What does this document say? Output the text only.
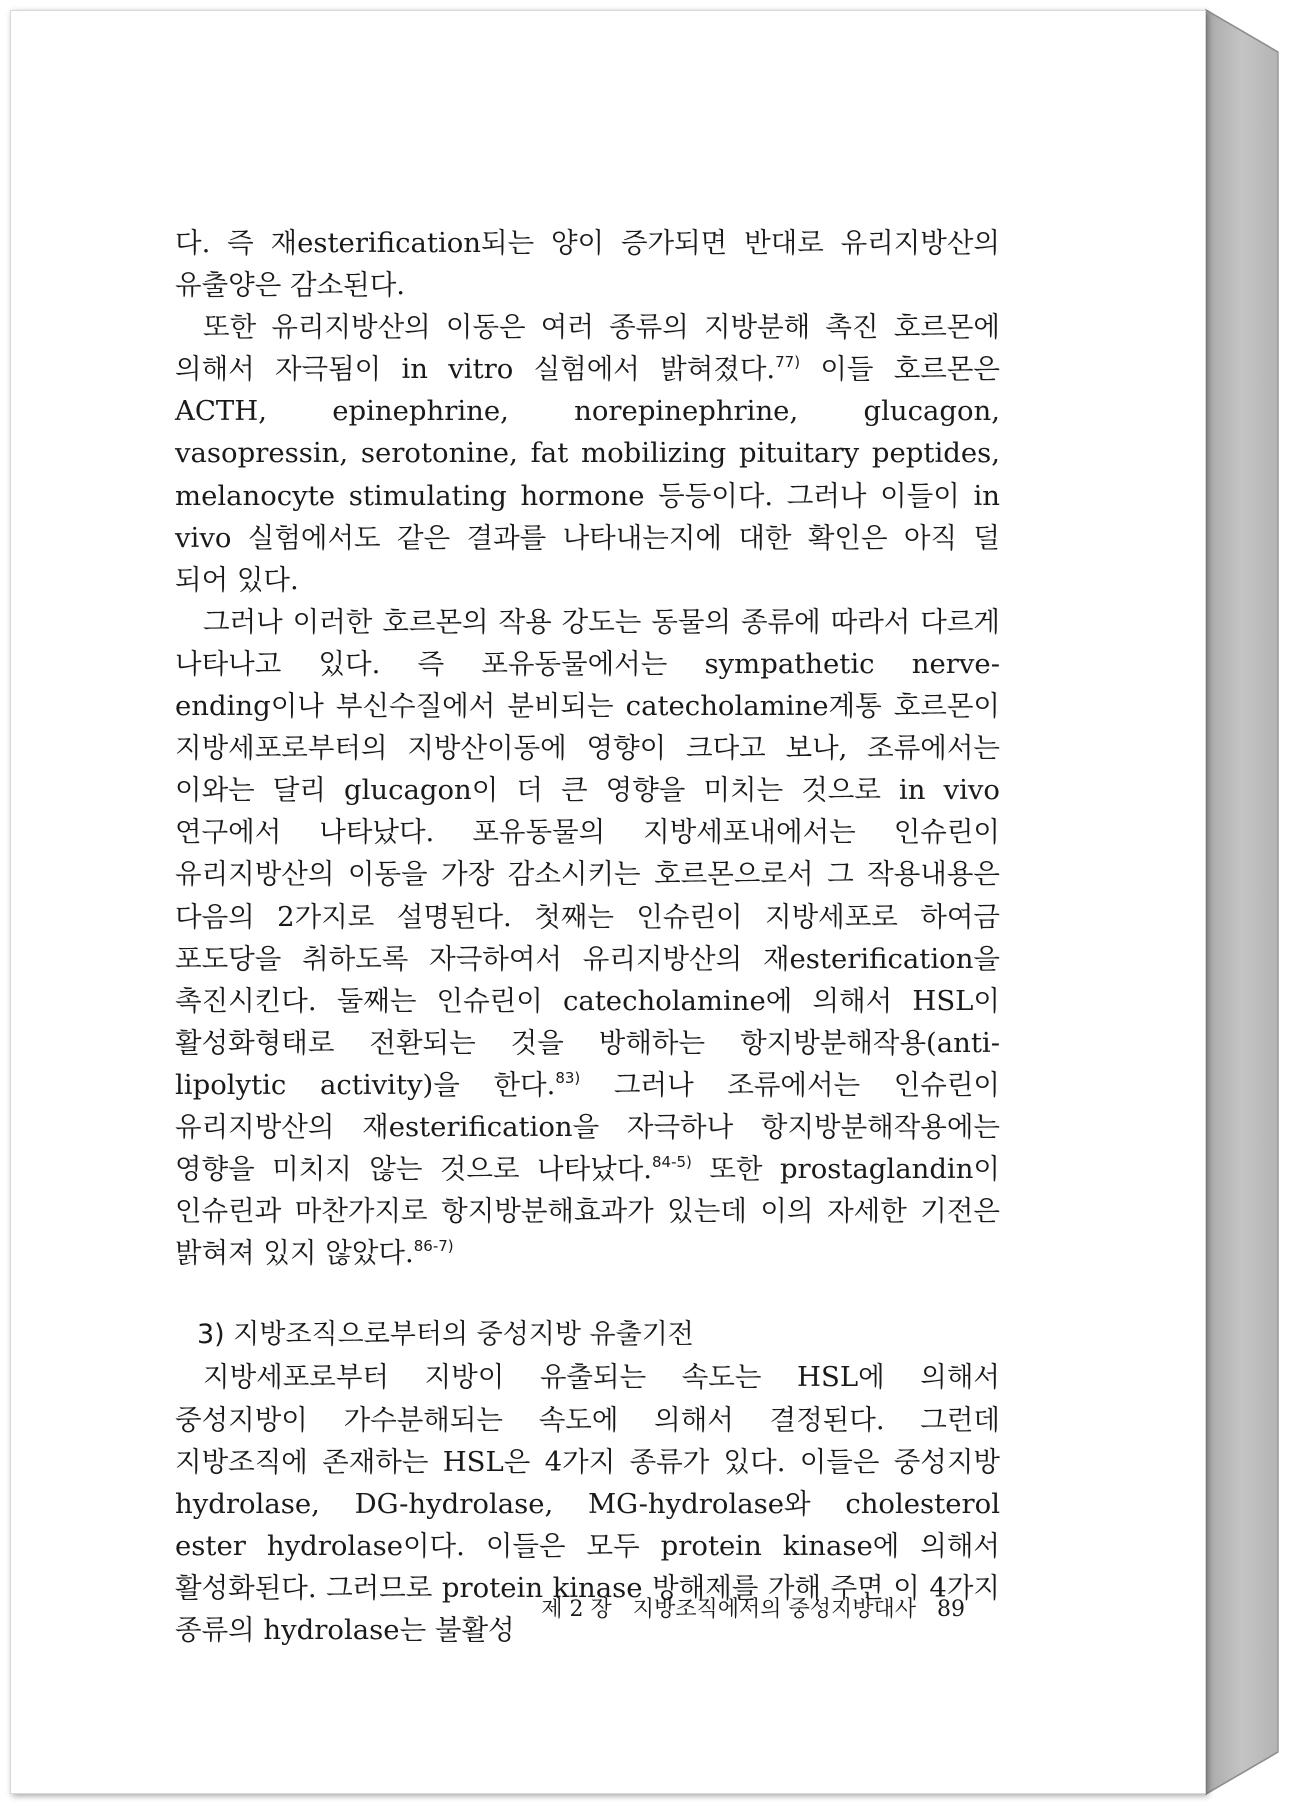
다. 즉 재esterification되는 양이 증가되면 반대로 유리지방산의 유출양은 감소된다.

또한 유리지방산의 이동은 여러 종류의 지방분해 촉진 호르몬에 의해서 자극됨이 in vitro 실험에서 밝혀졌다.$^{77)}$ 이들 호르몬은 ACTH, epinephrine, norepinephrine, glucagon, vasopressin, serotonine, fat mobilizing pituitary peptides, melanocyte stimulating hormone 등등이다. 그러나 이들이 in vivo 실험에서도 같은 결과를 나타내는지에 대한 확인은 아직 덜 되어 있다.

그러나 이러한 호르몬의 작용 강도는 동물의 종류에 따라서 다르게 나타나고 있다. 즉 포유동물에서는 sympathetic nerve-ending이나 부신수질에서 분비되는 catecholamine계통 호르몬이 지방세포로부터의 지방산이동에 영향이 크다고 보나, 조류에서는 이와는 달리 glucagon이 더 큰 영향을 미치는 것으로 in vivo 연구에서 나타났다. 포유동물의 지방세포내에서는 인슈린이 유리지방산의 이동을 가장 감소시키는 호르몬으로서 그 작용내용은 다음의 2가지로 설명된다. 첫째는 인슈린이 지방세포로 하여금 포도당을 취하도록 자극하여서 유리지방산의 재esterification을 촉진시킨다. 둘째는 인슈린이 catecholamine에 의해서 HSL이 활성화형태로 전환되는 것을 방해하는 항지방분해작용(anti-lipolytic activity)을 한다.$^{83)}$ 그러나 조류에서는 인슈린이 유리지방산의 재esterification을 자극하나 항지방분해작용에는 영향을 미치지 않는 것으로 나타났다.$^{84-5)}$ 또한 prostaglandin이 인슈린과 마찬가지로 항지방분해효과가 있는데 이의 자세한 기전은 밝혀져 있지 않았다.$^{86-7)}$

3) 지방조직으로부터의 중성지방 유출기전

지방세포로부터 지방이 유출되는 속도는 HSL에 의해서 중성지방이 가수분해되는 속도에 의해서 결정된다. 그런데 지방조직에 존재하는 HSL은 4가지 종류가 있다. 이들은 중성지방 hydrolase, DG-hydrolase, MG-hydrolase와 cholesterol ester hydrolase이다. 이들은 모두 protein kinase에 의해서 활성화된다. 그러므로 protein kinase 방해제를 가해 주면 이 4가지 종류의 hydrolase는 불활성

제 2 장 지방조직에서의 중성지방대사 89
